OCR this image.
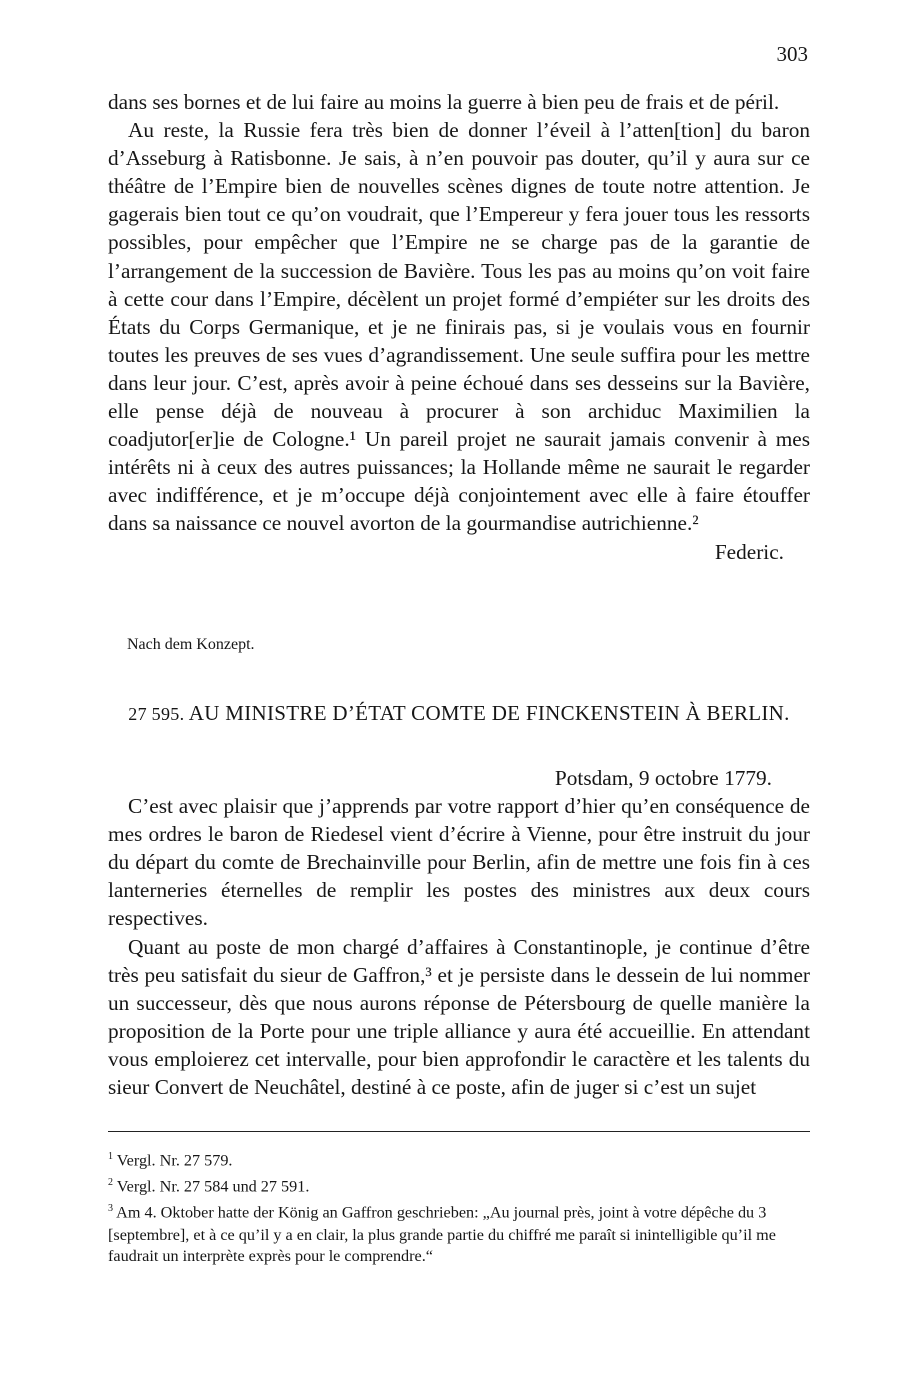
303

dans ses bornes et de lui faire au moins la guerre à bien peu de frais et de péril.

Au reste, la Russie fera très bien de donner l’éveil à l’atten[tion] du baron d’Asseburg à Ratisbonne. Je sais, à n’en pouvoir pas douter, qu’il y aura sur ce théâtre de l’Empire bien de nouvelles scènes dignes de toute notre attention. Je gagerais bien tout ce qu’on voudrait, que l’Empereur y fera jouer tous les ressorts possibles, pour empêcher que l’Empire ne se charge pas de la garantie de l’arrangement de la succession de Bavière. Tous les pas au moins qu’on voit faire à cette cour dans l’Empire, décèlent un projet formé d’empiéter sur les droits des États du Corps Germanique, et je ne finirais pas, si je voulais vous en fournir toutes les preuves de ses vues d’agrandissement. Une seule suffira pour les mettre dans leur jour. C’est, après avoir à peine échoué dans ses desseins sur la Bavière, elle pense déjà de nouveau à procurer à son archiduc Maximilien la coadjutor[er]ie de Cologne.¹ Un pareil projet ne saurait jamais convenir à mes intérêts ni à ceux des autres puissances; la Hollande même ne saurait le regarder avec indifférence, et je m’occupe déjà conjointement avec elle à faire étouffer dans sa naissance ce nouvel avorton de la gourmandise autrichienne.²

Federic.

Nach dem Konzept.
27 595. AU MINISTRE D’ÉTAT COMTE DE FINCKENSTEIN À BERLIN.

Potsdam, 9 octobre 1779.

C’est avec plaisir que j’apprends par votre rapport d’hier qu’en conséquence de mes ordres le baron de Riedesel vient d’écrire à Vienne, pour être instruit du jour du départ du comte de Brechainville pour Berlin, afin de mettre une fois fin à ces lanterneries éternelles de remplir les postes des ministres aux deux cours respectives.

Quant au poste de mon chargé d’affaires à Constantinople, je continue d’être très peu satisfait du sieur de Gaffron,³ et je persiste dans le dessein de lui nommer un successeur, dès que nous aurons réponse de Pétersbourg de quelle manière la proposition de la Porte pour une triple alliance y aura été accueillie. En attendant vous emploierez cet intervalle, pour bien approfondir le caractère et les talents du sieur Convert de Neuchâtel, destiné à ce poste, afin de juger si c’est un sujet

$^1$ Vergl. Nr. 27 579.
$^2$ Vergl. Nr. 27 584 und 27 591.
$^3$ Am 4. Oktober hatte der König an Gaffron geschrieben: „Au journal près, joint à votre dépêche du 3 [septembre], et à ce qu’il y a en clair, la plus grande partie du chiffré me paraît si inintelligible qu’il me faudrait un interprète exprès pour le comprendre.“
